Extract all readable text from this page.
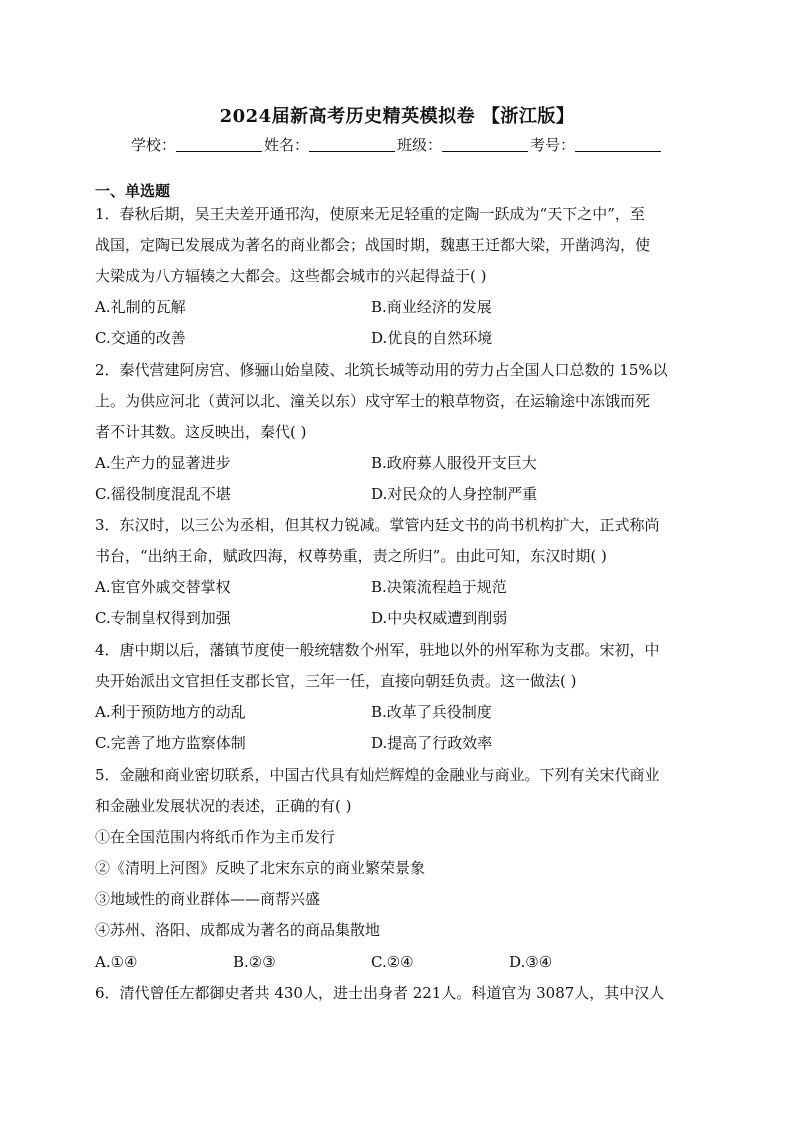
2024届新高考历史精英模拟卷 【浙江版】
学校：	姓名：	班级：	考号：
一、单选题
1．春秋后期，吴王夫差开通邗沟，使原来无足轻重的定陶一跃成为“天下之中”，至
战国，定陶已发展成为著名的商业都会；战国时期，魏惠王迁都大梁，开凿鸿沟，使
大梁成为八方辐辏之大都会。这些都会城市的兴起得益于( )
A.礼制的瓦解	B.商业经济的发展
C.交通的改善	D.优良的自然环境
2．秦代营建阿房宫、修骊山始皇陵、北筑长城等动用的劳力占全国人口总数的 15%以
上。为供应河北（黄河以北、潼关以东）戍守军士的粮草物资，在运输途中冻饿而死
者不计其数。这反映出，秦代( )
A.生产力的显著进步	B.政府募人服役开支巨大
C.徭役制度混乱不堪	D.对民众的人身控制严重
3．东汉时，以三公为丞相，但其权力锐减。掌管内廷文书的尚书机构扩大，正式称尚
书台，“出纳王命，赋政四海，权尊势重，责之所归”。由此可知，东汉时期( )
A.宦官外戚交替掌权	B.决策流程趋于规范
C.专制皇权得到加强	D.中央权威遭到削弱
4．唐中期以后，藩镇节度使一般统辖数个州军，驻地以外的州军称为支郡。宋初，中
央开始派出文官担任支郡长官，三年一任，直接向朝廷负责。这一做法( )
A.利于预防地方的动乱	B.改革了兵役制度
C.完善了地方监察体制	D.提高了行政效率
5．金融和商业密切联系，中国古代具有灿烂辉煌的金融业与商业。下列有关宋代商业
和金融业发展状况的表述，正确的有( )
①在全国范围内将纸币作为主币发行
②《清明上河图》反映了北宋东京的商业繁荣景象
③地域性的商业群体——商帮兴盛
④苏州、洛阳、成都成为著名的商品集散地
A.①④	B.②③	C.②④	D.③④
6．清代曾任左都御史者共 430人，进士出身者 221人。科道官为 3087人，其中汉人
